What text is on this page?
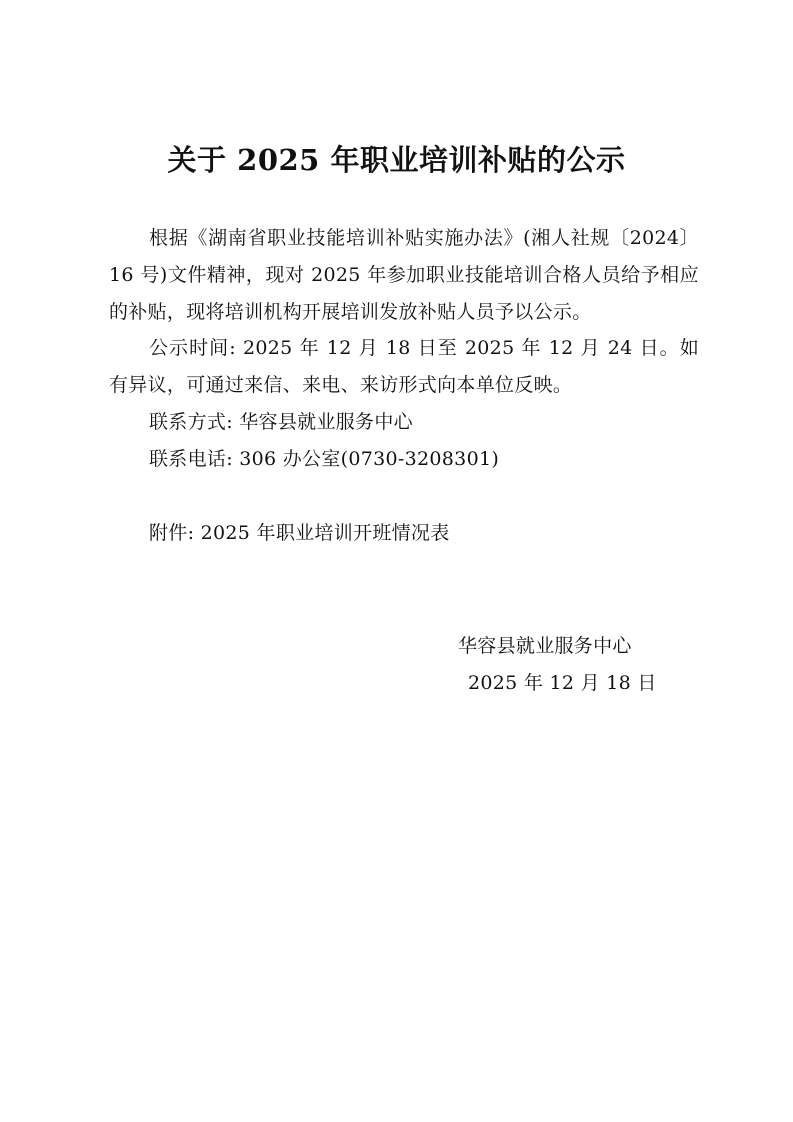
关于 2025 年职业培训补贴的公示

根据《湖南省职业技能培训补贴实施办法》(湘人社规〔2024〕16 号)文件精神，现对 2025 年参加职业技能培训合格人员给予相应的补贴，现将培训机构开展培训发放补贴人员予以公示。

公示时间: 2025 年 12 月 18 日至 2025 年 12 月 24 日。如有异议，可通过来信、来电、来访形式向本单位反映。

联系方式: 华容县就业服务中心

联系电话: 306 办公室(0730-3208301)

附件: 2025 年职业培训开班情况表

华容县就业服务中心

2025 年 12 月 18 日
